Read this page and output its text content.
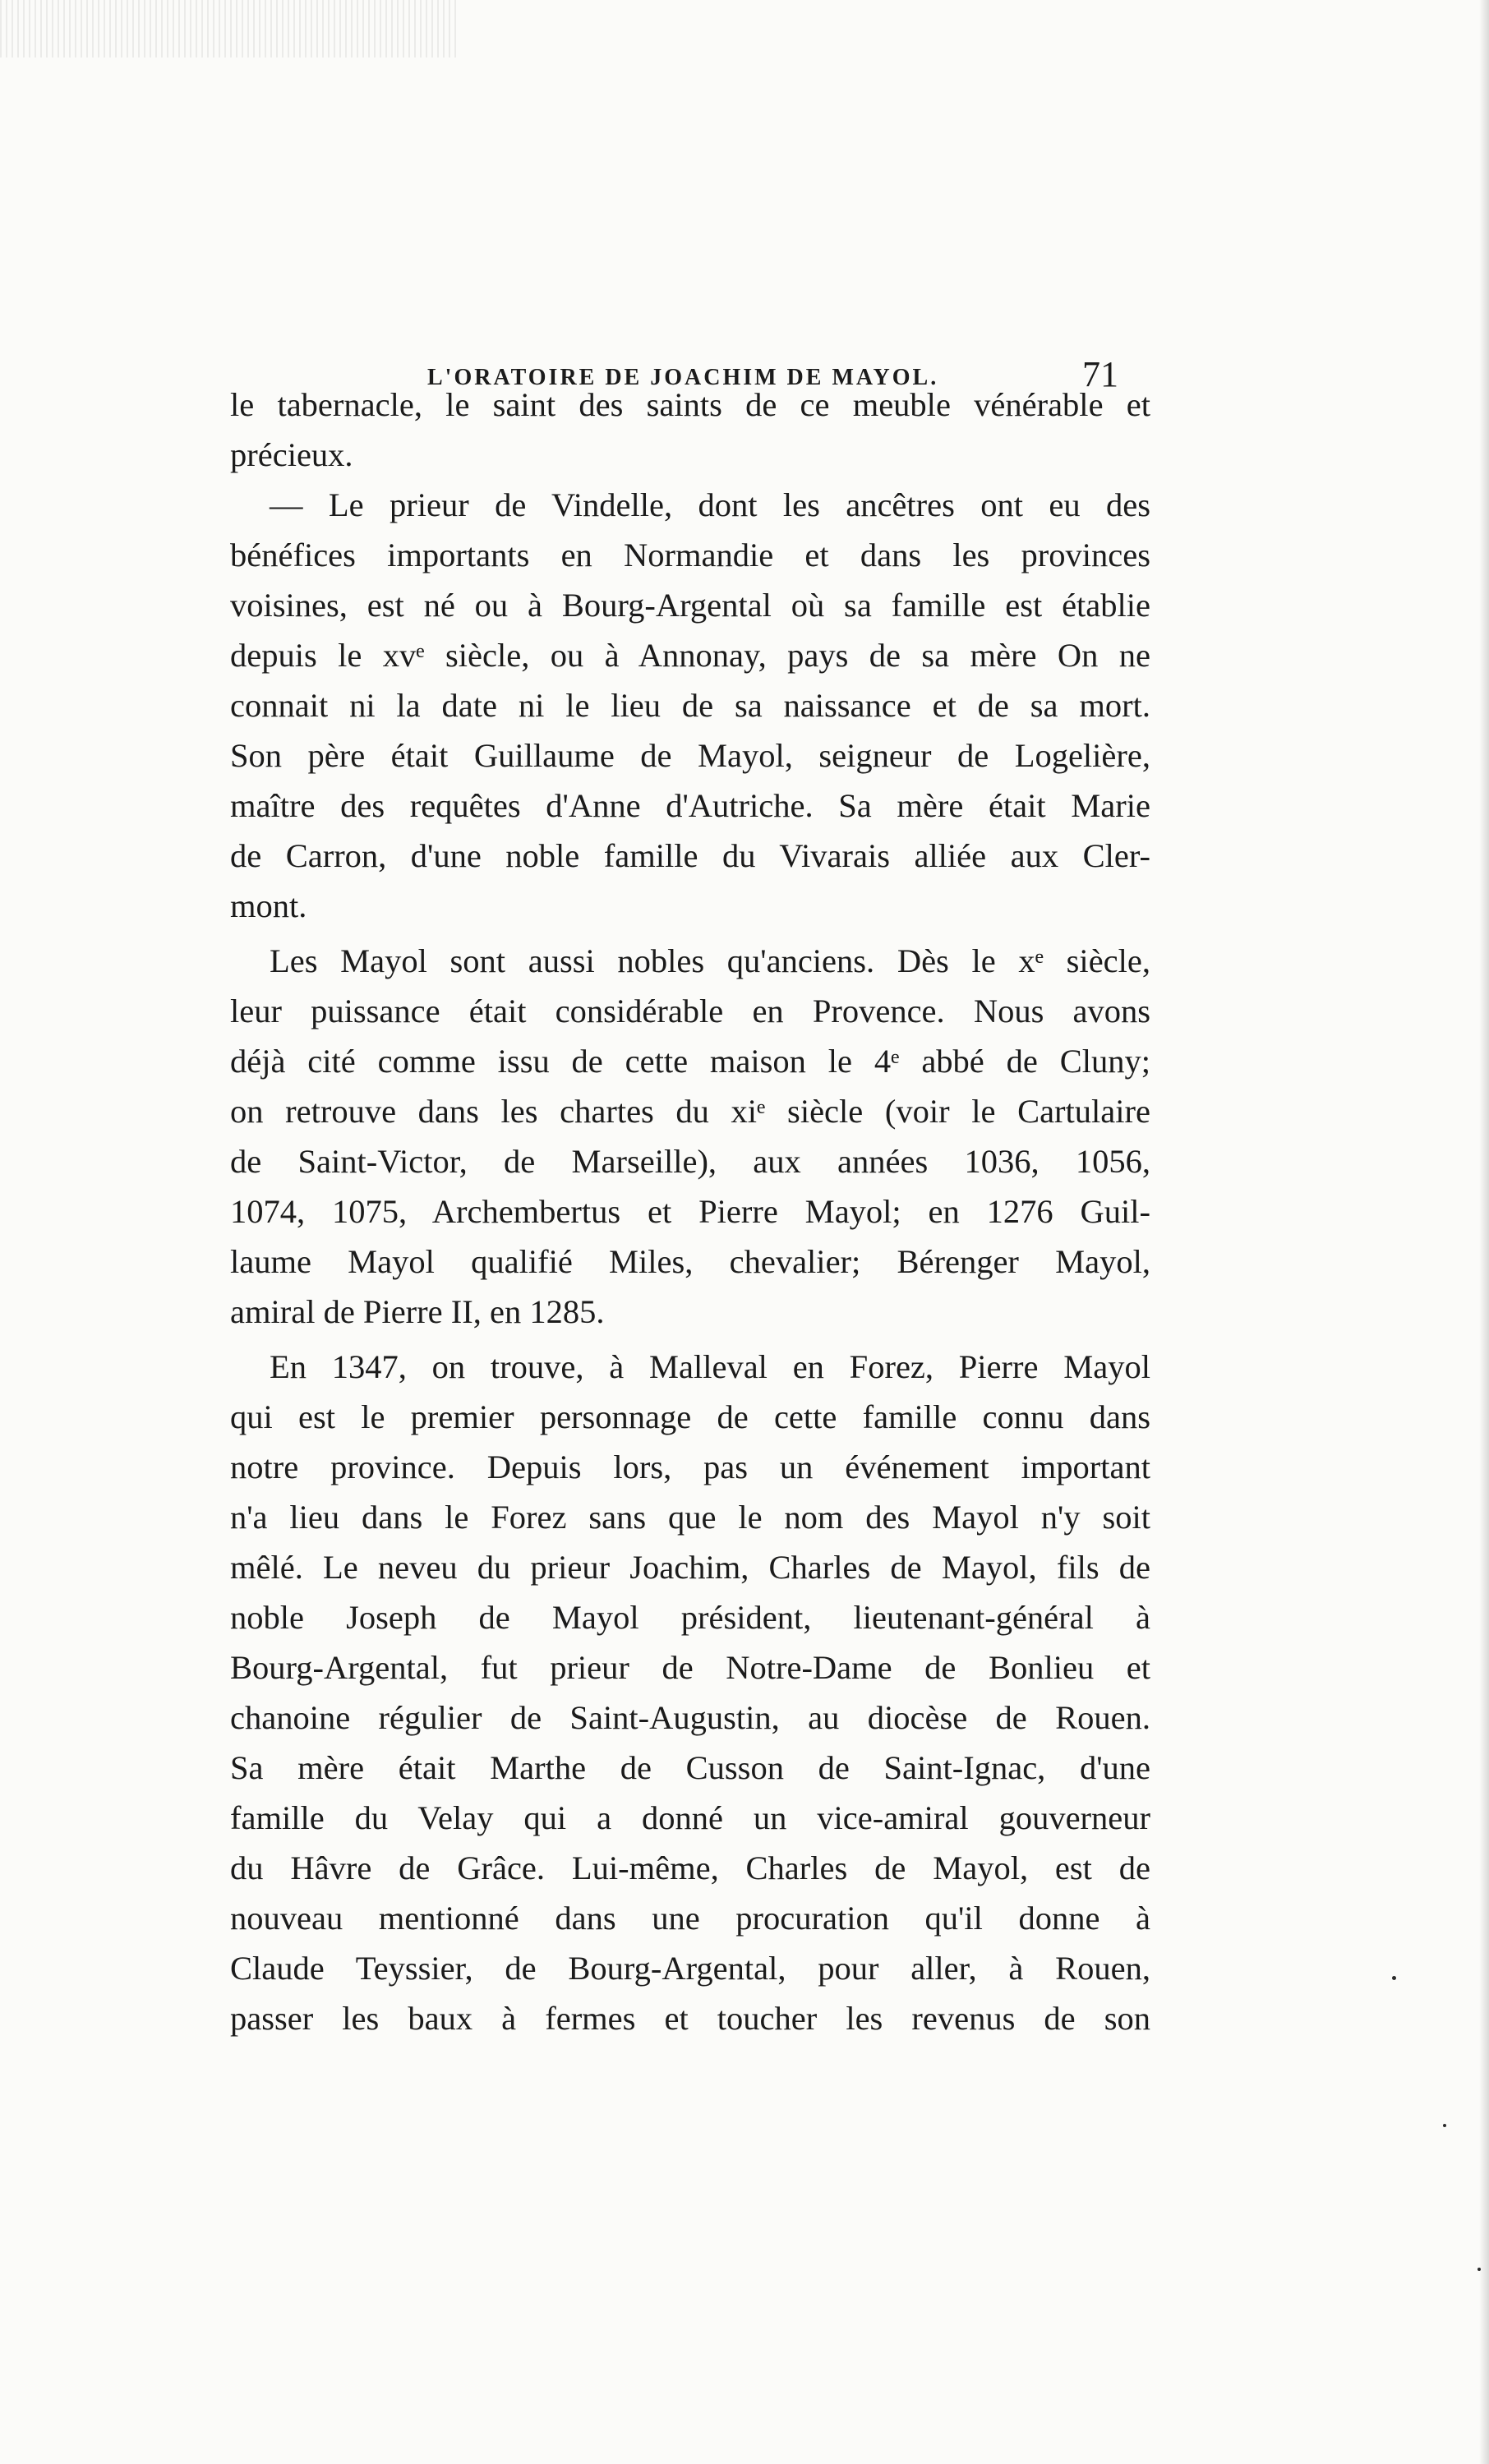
L'ORATOIRE DE JOACHIM DE MAYOL.	71
le tabernacle, le saint des saints de ce meuble vénérable et
précieux.
— Le prieur de Vindelle, dont les ancêtres ont eu des
bénéfices importants en Normandie et dans les provinces
voisines, est né ou à Bourg-Argental où sa famille est établie
depuis le xvᵉ siècle, ou à Annonay, pays de sa mère On ne
connait ni la date ni le lieu de sa naissance et de sa mort.
Son père était Guillaume de Mayol, seigneur de Logelière,
maître des requêtes d'Anne d'Autriche. Sa mère était Marie
de Carron, d'une noble famille du Vivarais alliée aux Cler-
mont.
Les Mayol sont aussi nobles qu'anciens. Dès le xᵉ siècle,
leur puissance était considérable en Provence. Nous avons
déjà cité comme issu de cette maison le 4ᵉ abbé de Cluny;
on retrouve dans les chartes du xiᵉ siècle (voir le Cartulaire
de Saint-Victor, de Marseille), aux années 1036, 1056,
1074, 1075, Archembertus et Pierre Mayol; en 1276 Guil-
laume Mayol qualifié Miles, chevalier; Bérenger Mayol,
amiral de Pierre II, en 1285.
En 1347, on trouve, à Malleval en Forez, Pierre Mayol
qui est le premier personnage de cette famille connu dans
notre province. Depuis lors, pas un événement important
n'a lieu dans le Forez sans que le nom des Mayol n'y soit
mêlé. Le neveu du prieur Joachim, Charles de Mayol, fils de
noble Joseph de Mayol président, lieutenant-général à
Bourg-Argental, fut prieur de Notre-Dame de Bonlieu et
chanoine régulier de Saint-Augustin, au diocèse de Rouen.
Sa mère était Marthe de Cusson de Saint-Ignac, d'une
famille du Velay qui a donné un vice-amiral gouverneur
du Hâvre de Grâce. Lui-même, Charles de Mayol, est de
nouveau mentionné dans une procuration qu'il donne à
Claude Teyssier, de Bourg-Argental, pour aller, à Rouen,
passer les baux à fermes et toucher les revenus de son
